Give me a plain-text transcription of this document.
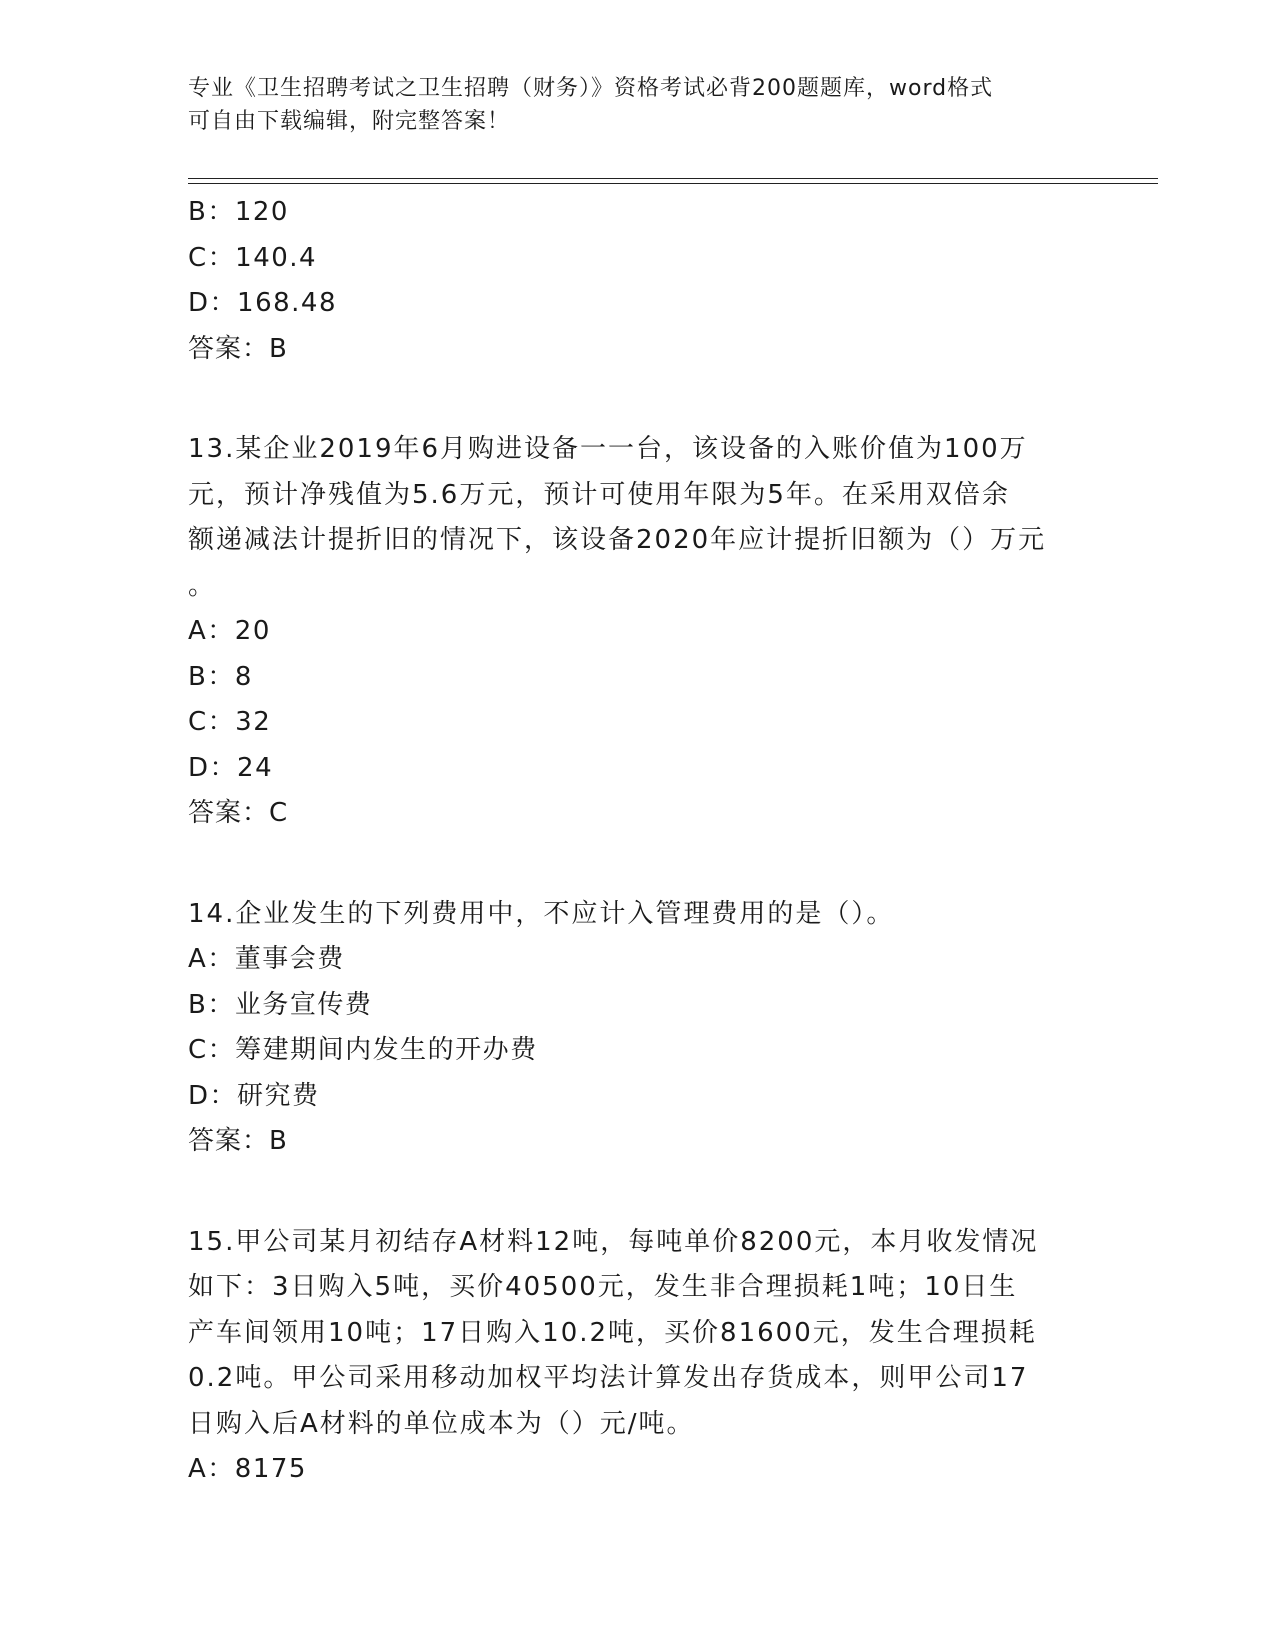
专业《卫生招聘考试之卫生招聘（财务）》资格考试必背200题题库，word格式
可自由下载编辑，附完整答案！
B：120
C：140.4
D：168.48
答案：B
13.某企业2019年6月购进设备一一台，该设备的入账价值为100万
元，预计净残值为5.6万元，预计可使用年限为5年。在采用双倍余
额递减法计提折旧的情况下，该设备2020年应计提折旧额为（）万元
。
A：20
B：8
C：32
D：24
答案：C
14.企业发生的下列费用中，不应计入管理费用的是（）。
A：董事会费
B：业务宣传费
C：筹建期间内发生的开办费
D：研究费
答案：B
15.甲公司某月初结存A材料12吨，每吨单价8200元，本月收发情况
如下：3日购入5吨，买价40500元，发生非合理损耗1吨；10日生
产车间领用10吨；17日购入10.2吨，买价81600元，发生合理损耗
0.2吨。甲公司采用移动加权平均法计算发出存货成本，则甲公司17
日购入后A材料的单位成本为（）元/吨。
A：8175
